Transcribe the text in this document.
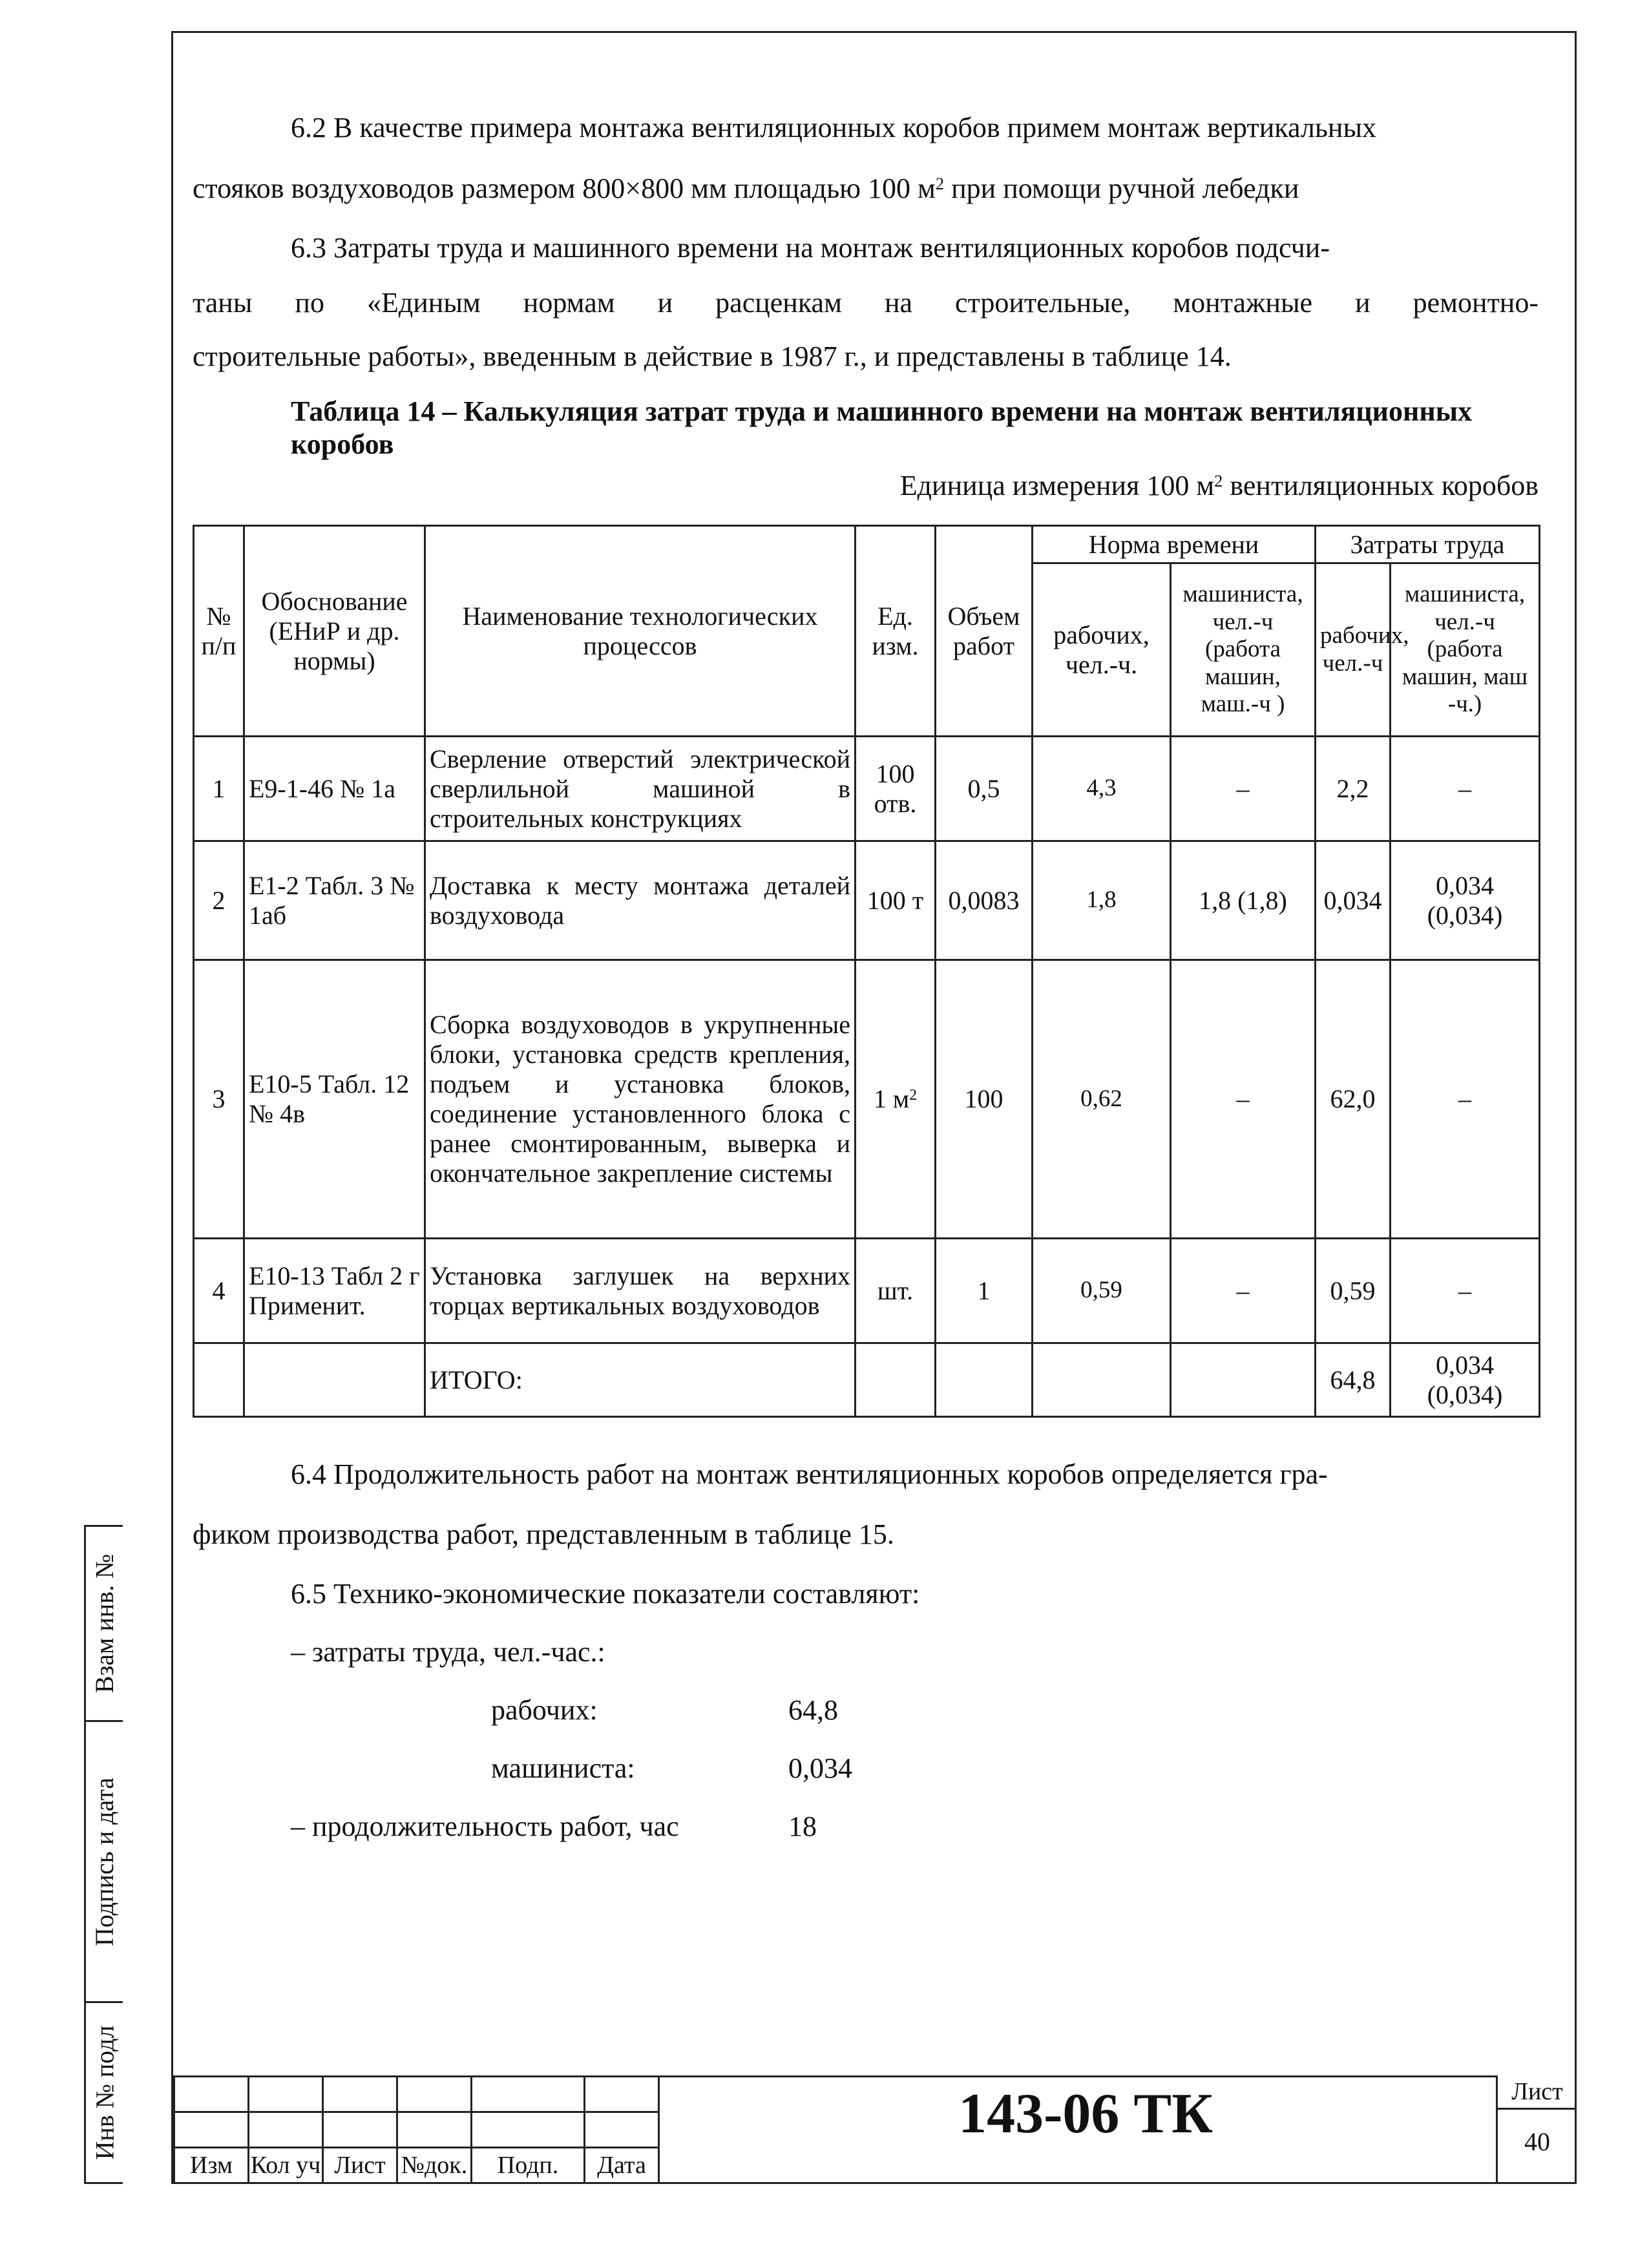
6.2 В качестве примера монтажа вентиляционных коробов примем монтаж вертикальных
стояков воздуховодов размером 800×800 мм площадью 100 $м^2$ при помощи ручной лебедки
6.3 Затраты труда и машинного времени на монтаж вентиляционных коробов подсчи-
таны по «Единым нормам и расценкам на строительные, монтажные и ремонтно-
строительные работы», введенным в действие в 1987 г., и представлены в таблице 14.
Таблица 14 – Калькуляция затрат труда и машинного времени на монтаж вентиляционных коробов
Единица измерения 100 $м^2$ вентиляционных коробов
№ п/п	Обоснование (ЕНиР и др. нормы)	Наименование технологических процессов	Ед. изм.	Объем работ	Норма времени		Затраты труда	
					рабочих, чел.-ч.	машиниста, чел.-ч (работа машин, маш.-ч )	рабочих, чел.-ч	машиниста, чел.-ч (работа машин, маш -ч.)
1	Е9-1-46 № 1а	Сверление отверстий электрической сверлильной машиной в строительных конструкциях	100 отв.	0,5	4,3	–	2,2	–
2	Е1-2 Табл. 3 № 1аб	Доставка к месту монтажа деталей воздуховода	100 т	0,0083	1,8	1,8 (1,8)	0,034	0,034 (0,034)
3	Е10-5 Табл. 12 № 4в	Сборка воздуховодов в укрупненные блоки, установка средств крепления, подъем и установка блоков, соединение установленного блока с ранее смонтированным, выверка и окончательное закрепление системы	1 $м^2$	100	0,62	–	62,0	–
4	Е10-13 Табл 2 г Применит.	Установка заглушек на верхних торцах вертикальных воздуховодов	шт.	1	0,59	–	0,59	–
		ИТОГО:					64,8	0,034 (0,034)
6.4 Продолжительность работ на монтаж вентиляционных коробов определяется гра-
фиком производства работ, представленным в таблице 15.
6.5 Технико-экономические показатели составляют:
– затраты труда, чел.-час.:
рабочих:	64,8
машиниста:	0,034
– продолжительность работ, час	18
Взам инв. №
Подпись и дата
Инв № подл

Изм	Кол уч	Лист	№док.	Подп.	Дата
143-06 ТК	Лист
40
